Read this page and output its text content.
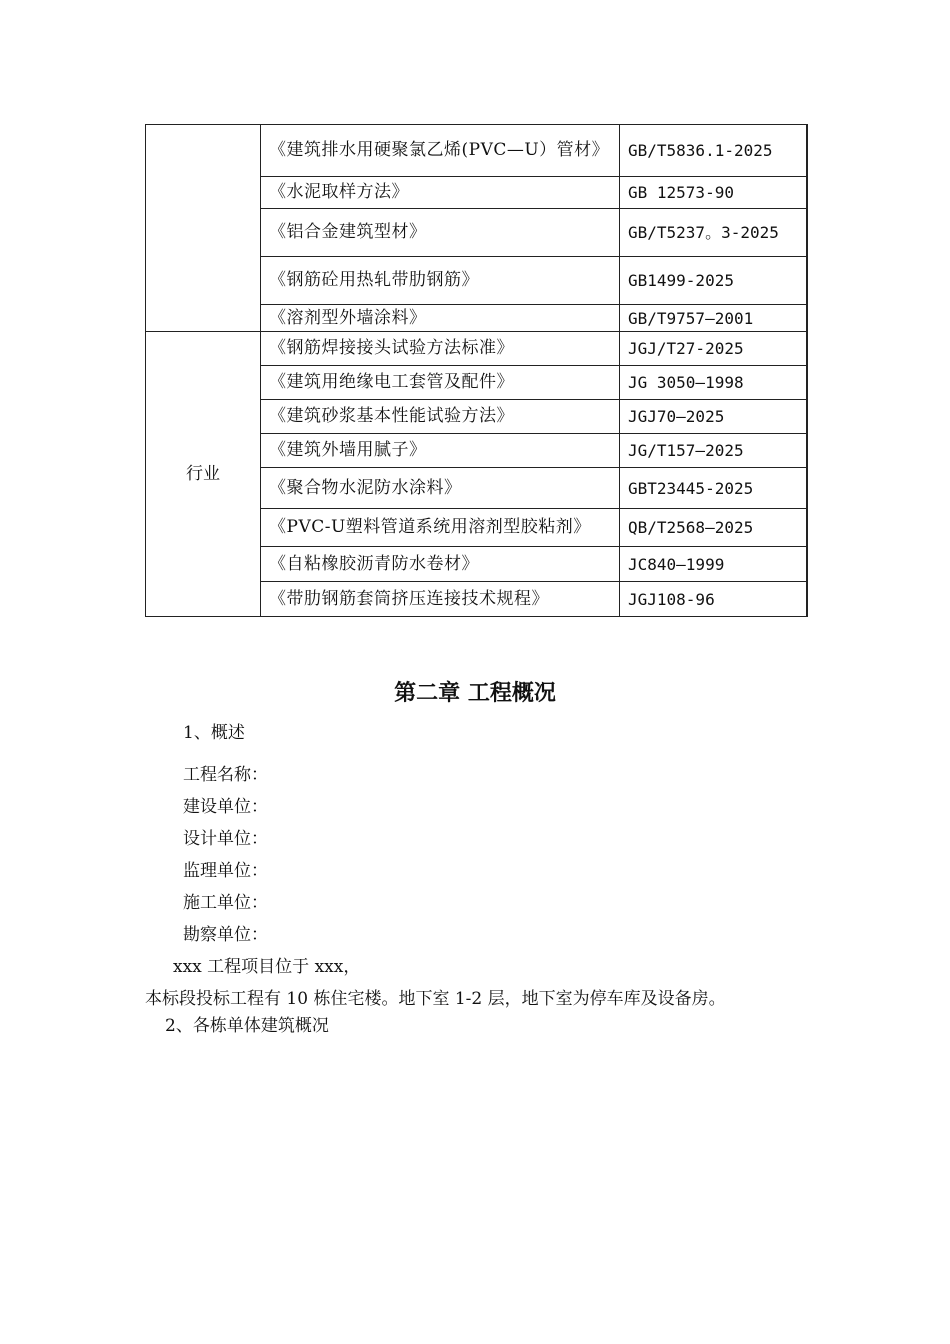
	《建筑排水用硬聚氯乙烯(PVC—U）管材》	GB/T5836.1-2025
	《水泥取样方法》	GB 12573-90
	《铝合金建筑型材》	GB/T5237。3-2025
	《钢筋砼用热轧带肋钢筋》	GB1499-2025
	《溶剂型外墙涂料》	GB/T9757—2001
行业	《钢筋焊接接头试验方法标准》	JGJ/T27-2025
	《建筑用绝缘电工套管及配件》	JG 3050—1998
	《建筑砂浆基本性能试验方法》	JGJ70—2025
	《建筑外墙用腻子》	JG/T157—2025
	《聚合物水泥防水涂料》	GBT23445-2025
	《PVC-U塑料管道系统用溶剂型胶粘剂》	QB/T2568—2025
	《自粘橡胶沥青防水卷材》	JC840—1999
	《带肋钢筋套筒挤压连接技术规程》	JGJ108-96
第二章 工程概况
1、概述
工程名称：
建设单位：
设计单位：
监理单位：
施工单位：
勘察单位：
xxx 工程项目位于 xxx，
本标段投标工程有 10 栋住宅楼。地下室 1-2 层，地下室为停车库及设备房。
2、各栋单体建筑概况
